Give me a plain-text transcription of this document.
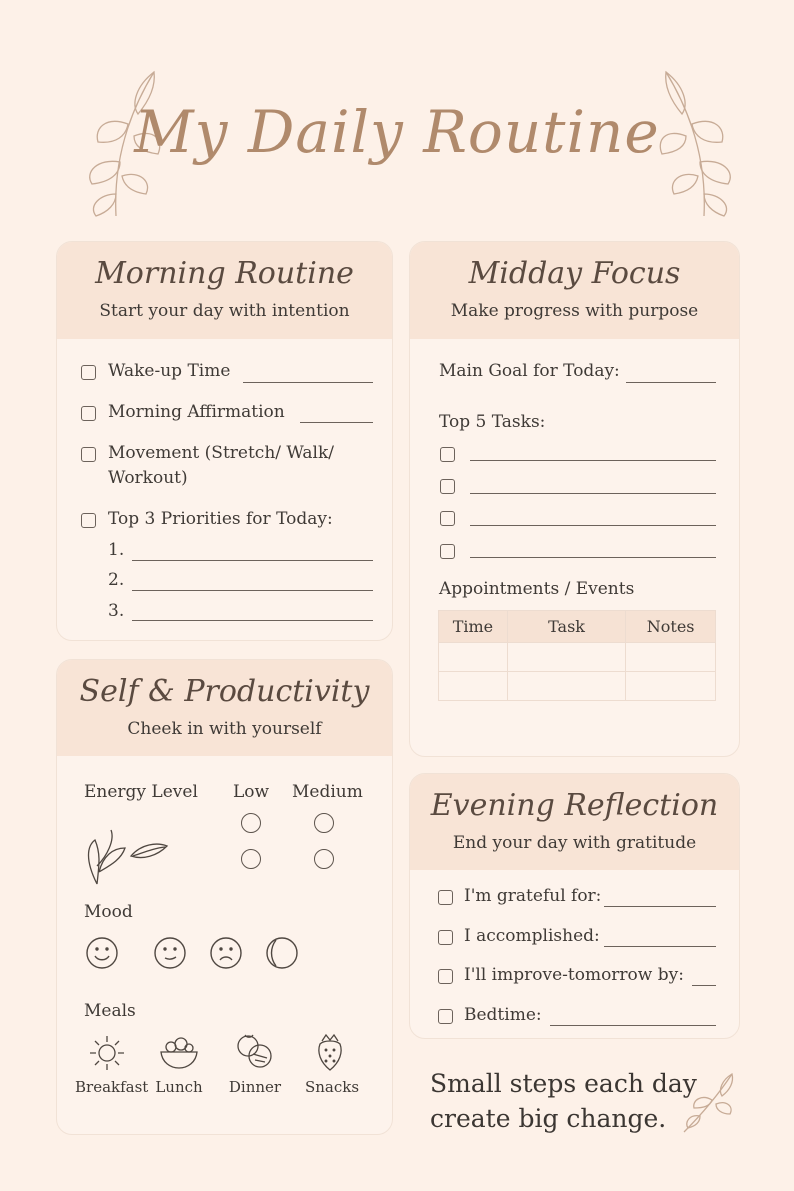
My Daily Routine
Morning Routine
Start your day with intention
Wake-up Time
Morning Affirmation
Movement (Stretch/ Walk/
Workout)
Top 3 Priorities for Today:
1.
2.
3.
Midday Focus
Make progress with purpose
Main Goal for Today:
Top 5 Tasks:
Appointments / Events
Time	Task	Notes

Self & Productivity
Cheek in with yourself
Energy Level Low Medium
Mood
Meals
Breakfast Lunch	Dinner	Snacks
Evening Reflection
End your day with gratitude
I'm grateful for:
I accomplished:
I'll improve-tomorrow by:
Bedtime:
Small steps each day
create big change.
